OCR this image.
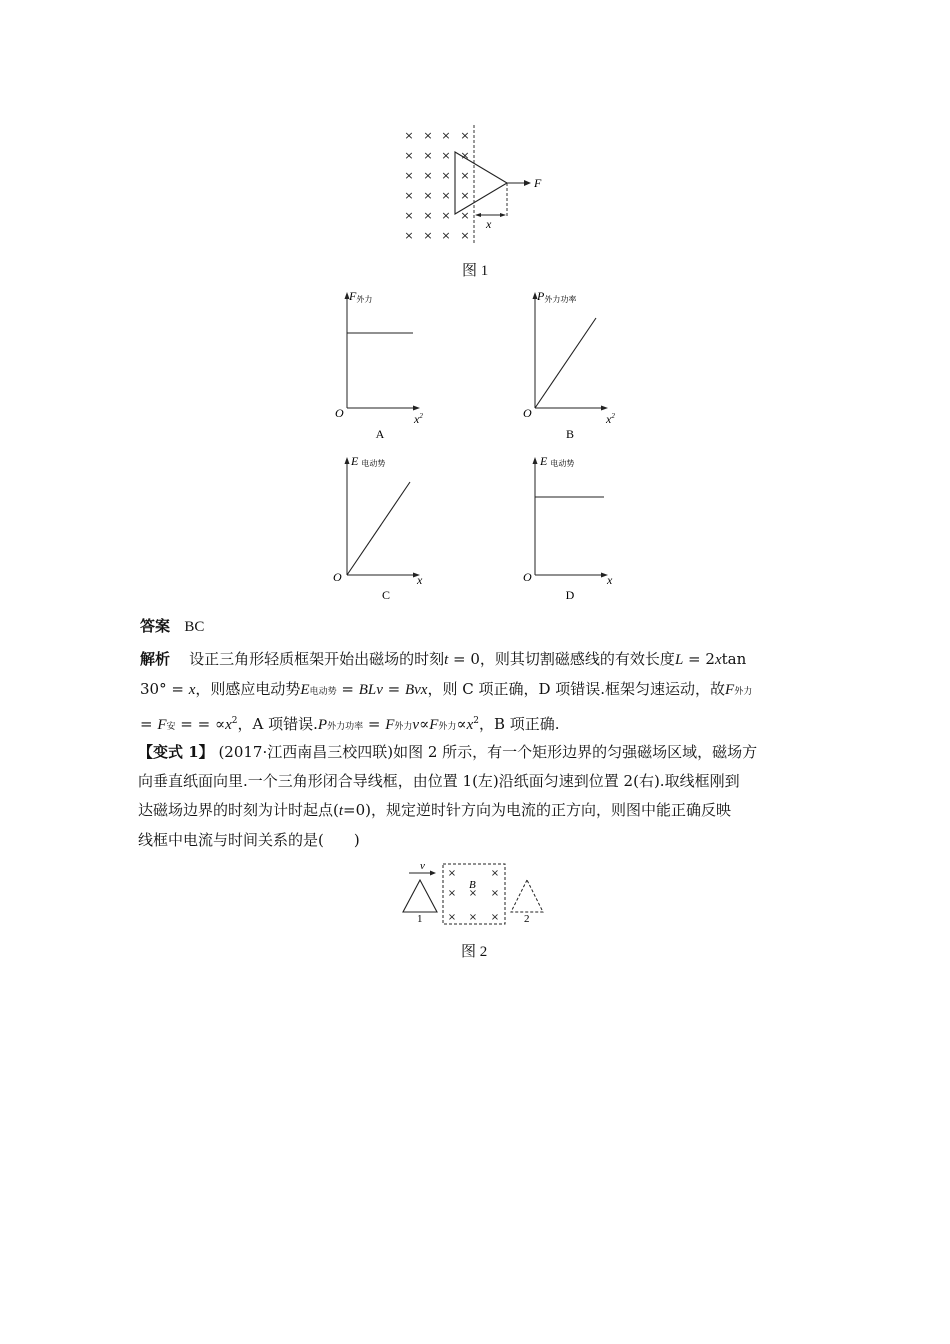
× × × ×
× × × ×
× × × ×
× × × ×
× × × ×
× × × ×
F
x
图 1
F外力
O	$x^2$
A
P外力功率
O	$x^2$
B
E电动势
O	x
C
E电动势
O	x
D
答案 BC
解析 设正三角形轻质框架开始出磁场的时刻t = 0，则其切割磁感线的有效长度L = 2xtan
30° = x，则感应电动势E电动势 = BLv = Bvx，则 C 项正确，D 项错误.框架匀速运动，故F外力
= F安 = = $\propto x^2$，A 项错误.P外力功率 = F外力v∝F外力$\propto x^2$，B 项正确.
【变式 1】 (2017·江西南昌三校四联)如图 2 所示，有一个矩形边界的匀强磁场区域，磁场方
向垂直纸面向里.一个三角形闭合导线框，由位置 1(左)沿纸面匀速到位置 2(右).取线框刚到
达磁场边界的时刻为计时起点(t=0)，规定逆时针方向为电流的正方向，则图中能正确反映
线框中电流与时间关系的是(　　)
v
1
×	×
× × ×
× × ×
B
2
图 2
